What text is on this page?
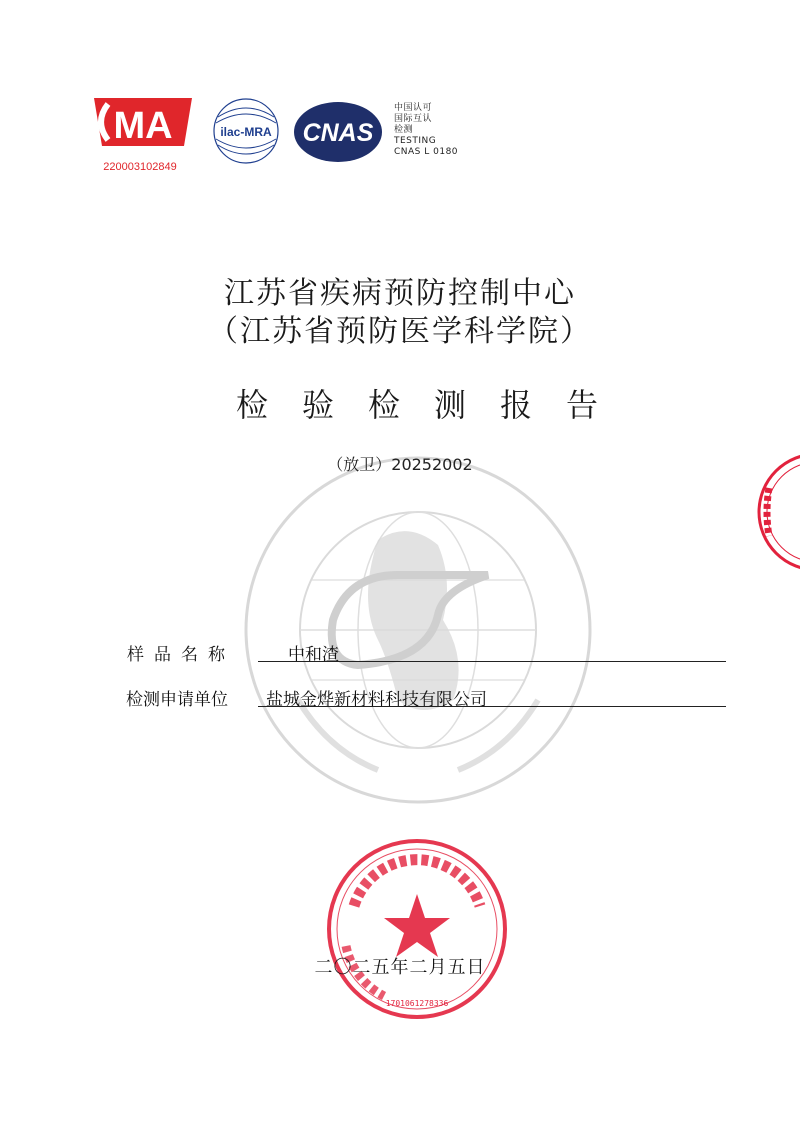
MA
220003102849
ilac-MRA CNAS
中国认可
国际互认
检测
TESTING
CNAS L 0180
江苏省疾病预防控制中心
（江苏省预防医学科学院）
检验检测报告
（放卫）20252002
样品名称	中和渣
检测申请单位 盐城金烨新材料科技有限公司
1701061278336
二〇二五年二月五日
